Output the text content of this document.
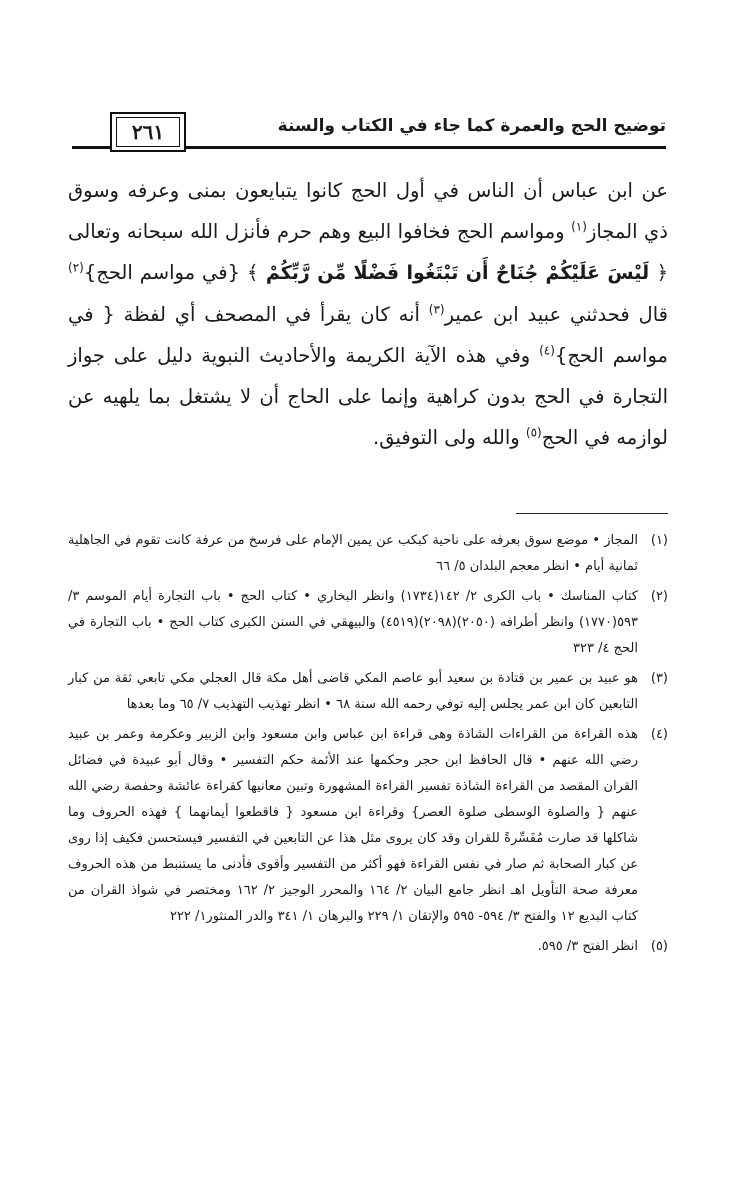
٢٦١	توضيح الحج والعمرة كما جاء في الكتاب والسنة

عن ابن عباس أن الناس في أول الحج كانوا يتبايعون بمنى وعرفه وسوق ذي المجاز$^{(١)}$ ومواسم الحج فخافوا البيع وهم حرم فأنزل الله سبحانه وتعالى ﴿ لَيْسَ عَلَيْكُمْ جُنَاحٌ أَن تَبْتَغُوا فَضْلًا مِّن رَّبِّكُمْ ﴾ {في مواسم الحج}$^{(٢)}$ قال فحدثني عبيد ابن عمير$^{(٣)}$ أنه كان يقرأ في المصحف أي لفظة { في مواسم الحج}$^{(٤)}$ وفي هذه الآية الكريمة والأحاديث النبوية دليل على جواز التجارة في الحج بدون كراهية وإنما على الحاج أن لا يشتغل بما يلهيه عن لوازمه في الحج$^{(٥)}$ والله ولى التوفيق.

(١)
المجاز • موضع سوق بعرفه على ناحية كبكب عن يمين الإمام على فرسخ من عرفة كانت تقوم في الجاهلية ثمانية أيام • انظر معجم البلدان ٥/ ٦٦
(٢)
كتاب المناسك • باب الكرى ٢/ ١٤٢(١٧٣٤) وانظر البخاري • كتاب الحج • باب التجارة أيام الموسم ٣/ ٥٩٣(١٧٧٠) وانظر أطرافه (٢٠٥٠)(٢٠٩٨)(٤٥١٩) والبيهقي في السنن الكبرى كتاب الحج • باب التجارة في الحج ٤/ ٣٢٣
(٣)
هو عبيد بن عمير بن قتادة بن سعيد أبو عاصم المكي قاضى أهل مكة قال العجلي مكي تابعي ثقة من كبار التابعين كان ابن عمر يجلس إليه توفي رحمه الله سنة ٦٨ • انظر تهذيب التهذيب ٧/ ٦٥ وما بعدها
(٤)
هذه القراءة من القراءات الشاذة وهى قراءة ابن عباس وابن مسعود وابن الزبير وعكرمة وعمر بن عبيد رضي الله عنهم • قال الحافظ ابن حجر وحكمها عند الأئمة حكم التفسير • وقال أبو عبيدة في فضائل القران المقصد من القراءة الشاذة تفسير القراءة المشهورة وتبين معانيها كقراءة عائشة وحفصة رضي الله عنهم { والصلوة الوسطى صلوة العصر} وقراءة ابن مسعود { فاقطعوا أيمانهما } فهذه الحروف وما شاكلها قد صارت مُفَسِّرةً للقران وقد كان يروى مثل هذا عن التابعين في التفسير فيستحسن فكيف إذا روى عن كبار الصحابة ثم صار في نفس القراءة فهو أكثر من التفسير وأقوى فأدنى ما يستنبط من هذه الحروف معرفة صحة التأويل اهـ انظر جامع البيان ٢/ ١٦٤ والمحرر الوجيز ٢/ ١٦٢ ومختصر في شواذ القران من كتاب البديع ١٢ والفتح ٣/ ٥٩٤- ٥٩٥ والإتقان ١/ ٢٢٩ والبرهان ١/ ٣٤١ والدر المنثور١/ ٢٢٢
(٥)
انظر الفتح ٣/ ٥٩٥.
